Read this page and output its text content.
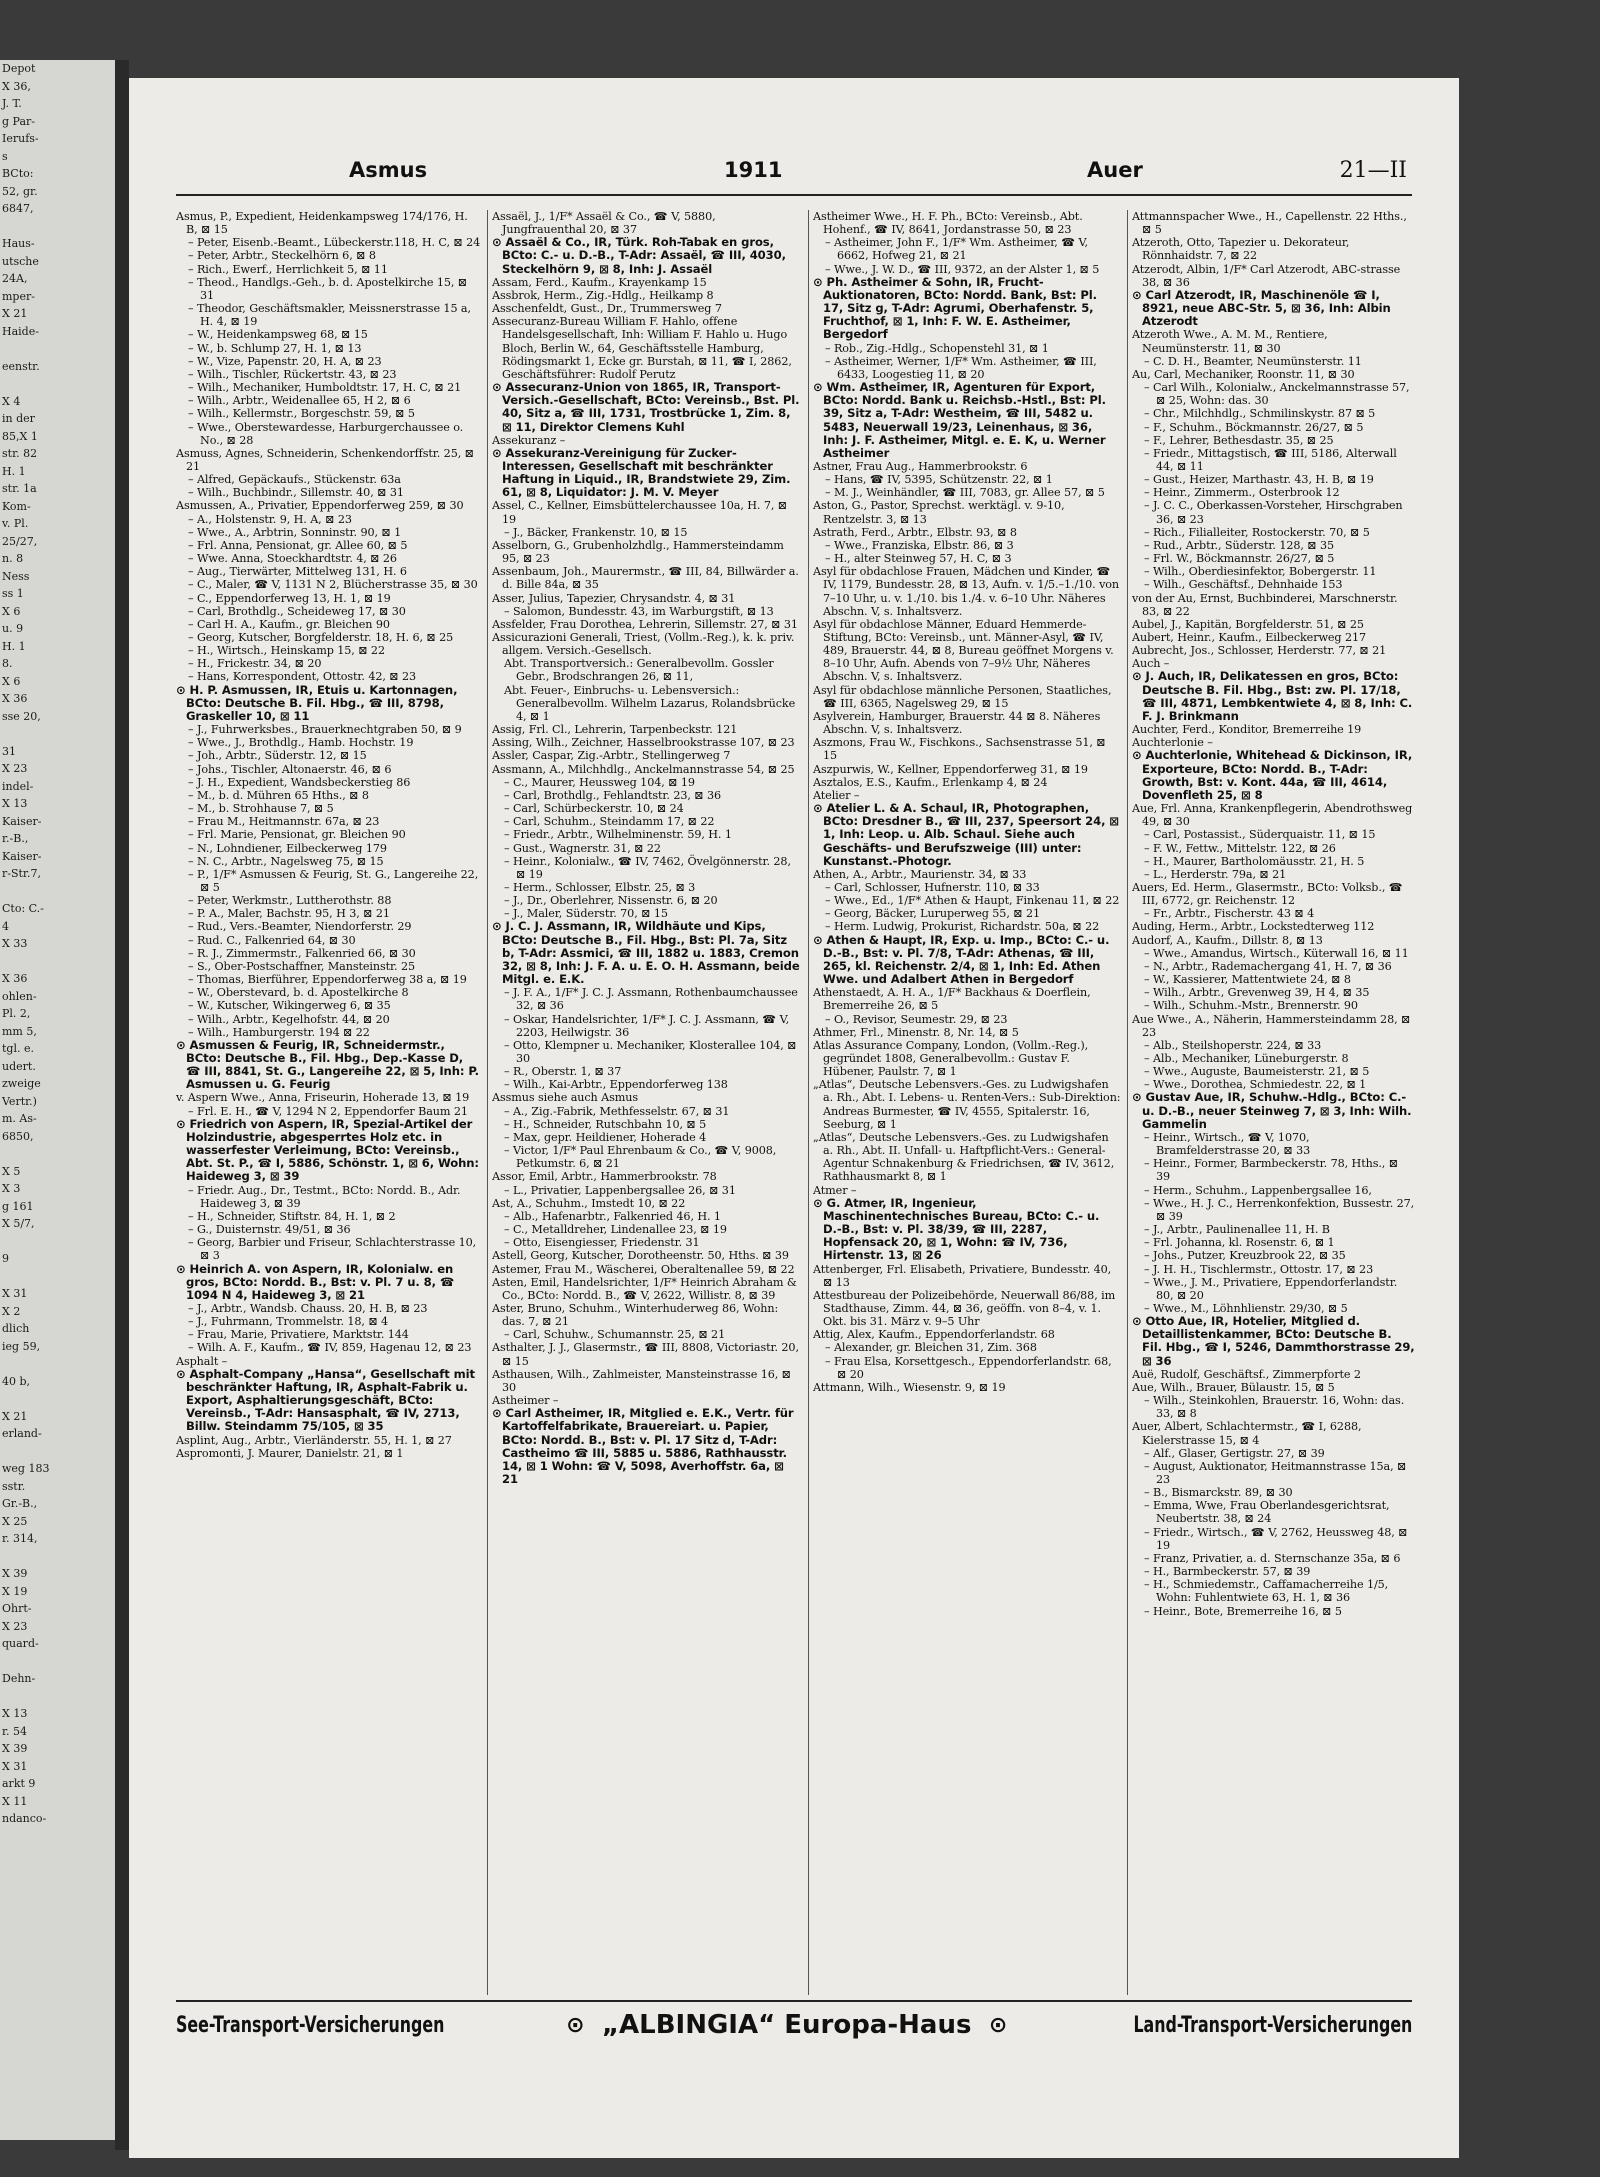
Depot
X 36,
J. T.
g Par-
Ierufs-
s
BCto:
52, gr.
6847,

Haus-
utsche
24A,
mper-
X 21
Haide-

eenstr.

X 4
in der
85,X 1
str. 82
H. 1
str. 1a
Kom-
v. Pl.
25/27,
n. 8
Ness
ss 1
X 6
u. 9
H. 1
8.
X 6
X 36
sse 20,

31
X 23
indel-
X 13
Kaiser-
r.-B.,
Kaiser-
r-Str.7,

Cto: C.-
4
X 33

X 36
ohlen-
Pl. 2,
mm 5,
tgl. e.
udert.
zweige
Vertr.)
m. As-
6850,

X 5
X 3
g 161
X 5/7,

9

X 31
X 2
dlich
ieg 59,

40 b,

X 21
erland-

weg 183
sstr.
Gr.-B.,
X 25
r. 314,

X 39
X 19
Ohrt-
X 23
quard-

Dehn-

X 13
r. 54
X 39
X 31
arkt 9
X 11
ndanco-
Asmus	1911	Auer	21—II

Asmus, P., Expedient, Heidenkampsweg 174/176, H. B, ⊠ 15

– Peter, Eisenb.-Beamt., Lübeckerstr.118, H. C, ⊠ 24

– Peter, Arbtr., Steckelhörn 6, ⊠ 8

– Rich., Ewerf., Herrlichkeit 5, ⊠ 11

– Theod., Handlgs.-Geh., b. d. Apostelkirche 15, ⊠ 31

– Theodor, Geschäftsmakler, Meissnerstrasse 15 a, H. 4, ⊠ 19

– W., Heidenkampsweg 68, ⊠ 15

– W., b. Schlump 27, H. 1, ⊠ 13

– W., Vize, Papenstr. 20, H. A, ⊠ 23

– Wilh., Tischler, Rückertstr. 43, ⊠ 23

– Wilh., Mechaniker, Humboldtstr. 17, H. C, ⊠ 21

– Wilh., Arbtr., Weidenallee 65, H 2, ⊠ 6

– Wilh., Kellermstr., Borgeschstr. 59, ⊠ 5

– Wwe., Oberstewardesse, Harburgerchaussee o. No., ⊠ 28

Asmuss, Agnes, Schneiderin, Schenkendorffstr. 25, ⊠ 21

– Alfred, Gepäckaufs., Stückenstr. 63a

– Wilh., Buchbindr., Sillemstr. 40, ⊠ 31

Asmussen, A., Privatier, Eppendorferweg 259, ⊠ 30

– A., Holstenstr. 9, H. A, ⊠ 23

– Wwe., A., Arbtrin, Sonninstr. 90, ⊠ 1

– Frl. Anna, Pensionat, gr. Allee 60, ⊠ 5

– Wwe. Anna, Stoeckhardtstr. 4, ⊠ 26

– Aug., Tierwärter, Mittelweg 131, H. 6

– C., Maler, ☎ V, 1131 N 2, Blücherstrasse 35, ⊠ 30

– C., Eppendorferweg 13, H. 1, ⊠ 19

– Carl, Brothdlg., Scheideweg 17, ⊠ 30

– Carl H. A., Kaufm., gr. Bleichen 90

– Georg, Kutscher, Borgfelderstr. 18, H. 6, ⊠ 25

– H., Wirtsch., Heinskamp 15, ⊠ 22

– H., Frickestr. 34, ⊠ 20

– Hans, Korrespondent, Ottostr. 42, ⊠ 23

⊙ H. P. Asmussen, IR, Etuis u. Kartonnagen, BCto: Deutsche B. Fil. Hbg., ☎ III, 8798, Graskeller 10, ⊠ 11

– J., Fuhrwerksbes., Brauerknechtgraben 50, ⊠ 9

– Wwe., J., Brothdlg., Hamb. Hochstr. 19

– Joh., Arbtr., Süderstr. 12, ⊠ 15

– Johs., Tischler, Altonaerstr. 46, ⊠ 6

– J. H., Expedient, Wandsbeckerstieg 86

– M., b. d. Mühren 65 Hths., ⊠ 8

– M., b. Strohhause 7, ⊠ 5

– Frau M., Heitmannstr. 67a, ⊠ 23

– Frl. Marie, Pensionat, gr. Bleichen 90

– N., Lohndiener, Eilbeckerweg 179

– N. C., Arbtr., Nagelsweg 75, ⊠ 15

– P., 1/F* Asmussen & Feurig, St. G., Langereihe 22, ⊠ 5

– Peter, Werkmstr., Luttherothstr. 88

– P. A., Maler, Bachstr. 95, H 3, ⊠ 21

– Rud., Vers.-Beamter, Niendorferstr. 29

– Rud. C., Falkenried 64, ⊠ 30

– R. J., Zimmermstr., Falkenried 66, ⊠ 30

– S., Ober-Postschaffner, Mansteinstr. 25

– Thomas, Bierführer, Eppendorferweg 38 a, ⊠ 19

– W., Oberstevard, b. d. Apostelkirche 8

– W., Kutscher, Wikingerweg 6, ⊠ 35

– Wilh., Arbtr., Kegelhofstr. 44, ⊠ 20

– Wilh., Hamburgerstr. 194 ⊠ 22

⊙ Asmussen & Feurig, IR, Schneidermstr., BCto: Deutsche B., Fil. Hbg., Dep.-Kasse D, ☎ III, 8841, St. G., Langereihe 22, ⊠ 5, Inh: P. Asmussen u. G. Feurig

v. Aspern Wwe., Anna, Friseurin, Hoherade 13, ⊠ 19

– Frl. E. H., ☎ V, 1294 N 2, Eppendorfer Baum 21

⊙ Friedrich von Aspern, IR, Spezial-Artikel der Holzindustrie, abgesperrtes Holz etc. in wasserfester Verleimung, BCto: Vereinsb., Abt. St. P., ☎ I, 5886, Schönstr. 1, ⊠ 6, Wohn: Haideweg 3, ⊠ 39

– Friedr. Aug., Dr., Testmt., BCto: Nordd. B., Adr. Haideweg 3, ⊠ 39

– H., Schneider, Stiftstr. 84, H. 1, ⊠ 2

– G., Duisternstr. 49/51, ⊠ 36

– Georg, Barbier und Friseur, Schlachterstrasse 10, ⊠ 3

⊙ Heinrich A. von Aspern, IR, Kolonialw. en gros, BCto: Nordd. B., Bst: v. Pl. 7 u. 8, ☎ 1094 N 4, Haideweg 3, ⊠ 21

– J., Arbtr., Wandsb. Chauss. 20, H. B, ⊠ 23

– J., Fuhrmann, Trommelstr. 18, ⊠ 4

– Frau, Marie, Privatiere, Marktstr. 144

– Wilh. A. F., Kaufm., ☎ IV, 859, Hagenau 12, ⊠ 23

Asphalt –

⊙ Asphalt-Company „Hansa“, Gesellschaft mit beschränkter Haftung, IR, Asphalt-Fabrik u. Export, Asphaltierungsgeschäft, BCto: Vereinsb., T-Adr: Hansasphalt, ☎ IV, 2713, Billw. Steindamm 75/105, ⊠ 35

Asplint, Aug., Arbtr., Vierländerstr. 55, H. 1, ⊠ 27

Aspromonti, J. Maurer, Danielstr. 21, ⊠ 1

Assaël, J., 1/F* Assaël & Co., ☎ V, 5880, Jungfrauenthal 20, ⊠ 37

⊙ Assaël & Co., IR, Türk. Roh-Tabak en gros, BCto: C.- u. D.-B., T-Adr: Assaël, ☎ III, 4030, Steckelhörn 9, ⊠ 8, Inh: J. Assaël

Assam, Ferd., Kaufm., Krayenkamp 15

Assbrok, Herm., Zig.-Hdlg., Heilkamp 8

Asschenfeldt, Gust., Dr., Trummersweg 7

Assecuranz-Bureau William F. Hahlo, offene Handelsgesellschaft, Inh: William F. Hahlo u. Hugo Bloch, Berlin W., 64, Geschäftsstelle Hamburg, Rödingsmarkt 1, Ecke gr. Burstah, ⊠ 11, ☎ I, 2862, Geschäftsführer: Rudolf Perutz

⊙ Assecuranz-Union von 1865, IR, Transport-Versich.-Gesellschaft, BCto: Vereinsb., Bst. Pl. 40, Sitz a, ☎ III, 1731, Trostbrücke 1, Zim. 8, ⊠ 11, Direktor Clemens Kuhl

Assekuranz –

⊙ Assekuranz-Vereinigung für Zucker-Interessen, Gesellschaft mit beschränkter Haftung in Liquid., IR, Brandstwiete 29, Zim. 61, ⊠ 8, Liquidator: J. M. V. Meyer

Assel, C., Kellner, Eimsbüttelerchaussee 10a, H. 7, ⊠ 19

– J., Bäcker, Frankenstr. 10, ⊠ 15

Asselborn, G., Grubenholzhdlg., Hammersteindamm 95, ⊠ 23

Assenbaum, Joh., Maurermstr., ☎ III, 84, Billwärder a. d. Bille 84a, ⊠ 35

Asser, Julius, Tapezier, Chrysandstr. 4, ⊠ 31

– Salomon, Bundesstr. 43, im Warburgstift, ⊠ 13

Assfelder, Frau Dorothea, Lehrerin, Sillemstr. 27, ⊠ 31

Assicurazioni Generali, Triest, (Vollm.-Reg.), k. k. priv. allgem. Versich.-Gesellsch.

Abt. Transportversich.: Generalbevollm. Gossler Gebr., Brodschrangen 26, ⊠ 11,

Abt. Feuer-, Einbruchs- u. Lebensversich.: Generalbevollm. Wilhelm Lazarus, Rolandsbrücke 4, ⊠ 1

Assig, Frl. Cl., Lehrerin, Tarpenbeckstr. 121

Assing, Wilh., Zeichner, Hasselbrookstrasse 107, ⊠ 23

Assler, Caspar, Zig.-Arbtr., Stellingerweg 7

Assmann, A., Milchhdlg., Anckelmannstrasse 54, ⊠ 25

– C., Maurer, Heussweg 104, ⊠ 19

– Carl, Brothdlg., Fehlandtstr. 23, ⊠ 36

– Carl, Schürbeckerstr. 10, ⊠ 24

– Carl, Schuhm., Steindamm 17, ⊠ 22

– Friedr., Arbtr., Wilhelminenstr. 59, H. 1

– Gust., Wagnerstr. 31, ⊠ 22

– Heinr., Kolonialw., ☎ IV, 7462, Övelgönnerstr. 28, ⊠ 19

– Herm., Schlosser, Elbstr. 25, ⊠ 3

– J., Dr., Oberlehrer, Nissenstr. 6, ⊠ 20

– J., Maler, Süderstr. 70, ⊠ 15

⊙ J. C. J. Assmann, IR, Wildhäute und Kips, BCto: Deutsche B., Fil. Hbg., Bst: Pl. 7a, Sitz b, T-Adr: Assmici, ☎ III, 1882 u. 1883, Cremon 32, ⊠ 8, Inh: J. F. A. u. E. O. H. Assmann, beide Mitgl. e. E.K.

– J. F. A., 1/F* J. C. J. Assmann, Rothenbaumchaussee 32, ⊠ 36

– Oskar, Handelsrichter, 1/F* J. C. J. Assmann, ☎ V, 2203, Heilwigstr. 36

– Otto, Klempner u. Mechaniker, Klosterallee 104, ⊠ 30

– R., Oberstr. 1, ⊠ 37

– Wilh., Kai-Arbtr., Eppendorferweg 138

Assmus siehe auch Asmus

– A., Zig.-Fabrik, Methfesselstr. 67, ⊠ 31

– H., Schneider, Rutschbahn 10, ⊠ 5

– Max, gepr. Heildiener, Hoherade 4

– Victor, 1/F* Paul Ehrenbaum & Co., ☎ V, 9008, Petkumstr. 6, ⊠ 21

Assor, Emil, Arbtr., Hammerbrookstr. 78

– L., Privatier, Lappenbergsallee 26, ⊠ 31

Ast, A., Schuhm., Imstedt 10, ⊠ 22

– Alb., Hafenarbtr., Falkenried 46, H. 1

– C., Metalldreher, Lindenallee 23, ⊠ 19

– Otto, Eisengiesser, Friedenstr. 31

Astell, Georg, Kutscher, Dorotheenstr. 50, Hths. ⊠ 39

Astemer, Frau M., Wäscherei, Oberaltenallee 59, ⊠ 22

Asten, Emil, Handelsrichter, 1/F* Heinrich Abraham & Co., BCto: Nordd. B., ☎ V, 2622, Willistr. 8, ⊠ 39

Aster, Bruno, Schuhm., Winterhuderweg 86, Wohn: das. 7, ⊠ 21

– Carl, Schuhw., Schumannstr. 25, ⊠ 21

Asthalter, J. J., Glasermstr., ☎ III, 8808, Victoriastr. 20, ⊠ 15

Asthausen, Wilh., Zahlmeister, Mansteinstrasse 16, ⊠ 30

Astheimer –

⊙ Carl Astheimer, IR, Mitglied e. E.K., Vertr. für Kartoffelfabrikate, Brauereiart. u. Papier, BCto: Nordd. B., Bst: v. Pl. 17 Sitz d, T-Adr: Castheimo ☎ III, 5885 u. 5886, Rathhausstr. 14, ⊠ 1 Wohn: ☎ V, 5098, Averhoffstr. 6a, ⊠ 21

Astheimer Wwe., H. F. Ph., BCto: Vereinsb., Abt. Hohenf., ☎ IV, 8641, Jordanstrasse 50, ⊠ 23

– Astheimer, John F., 1/F* Wm. Astheimer, ☎ V, 6662, Hofweg 21, ⊠ 21

– Wwe., J. W. D., ☎ III, 9372, an der Alster 1, ⊠ 5

⊙ Ph. Astheimer & Sohn, IR, Frucht-Auktionatoren, BCto: Nordd. Bank, Bst: Pl. 17, Sitz g, T-Adr: Agrumi, Oberhafenstr. 5, Fruchthof, ⊠ 1, Inh: F. W. E. Astheimer, Bergedorf

– Rob., Zig.-Hdlg., Schopenstehl 31, ⊠ 1

– Astheimer, Werner, 1/F* Wm. Astheimer, ☎ III, 6433, Loogestieg 11, ⊠ 20

⊙ Wm. Astheimer, IR, Agenturen für Export, BCto: Nordd. Bank u. Reichsb.-Hstl., Bst: Pl. 39, Sitz a, T-Adr: Westheim, ☎ III, 5482 u. 5483, Neuerwall 19/23, Leinenhaus, ⊠ 36, Inh: J. F. Astheimer, Mitgl. e. E. K, u. Werner Astheimer

Astner, Frau Aug., Hammerbrookstr. 6

– Hans, ☎ IV, 5395, Schützenstr. 22, ⊠ 1

– M. J., Weinhändler, ☎ III, 7083, gr. Allee 57, ⊠ 5

Aston, G., Pastor, Sprechst. werktägl. v. 9-10, Rentzelstr. 3, ⊠ 13

Astrath, Ferd., Arbtr., Elbstr. 93, ⊠ 8

– Wwe., Franziska, Elbstr. 86, ⊠ 3

– H., alter Steinweg 57, H. C, ⊠ 3

Asyl für obdachlose Frauen, Mädchen und Kinder, ☎ IV, 1179, Bundesstr. 28, ⊠ 13, Aufn. v. 1/5.–1./10. von 7–10 Uhr, u. v. 1./10. bis 1./4. v. 6–10 Uhr. Näheres Abschn. V, s. Inhaltsverz.

Asyl für obdachlose Männer, Eduard Hemmerde-Stiftung, BCto: Vereinsb., unt. Männer-Asyl, ☎ IV, 489, Brauerstr. 44, ⊠ 8, Bureau geöffnet Morgens v. 8–10 Uhr, Aufn. Abends von 7–9½ Uhr, Näheres Abschn. V, s. Inhaltsverz.

Asyl für obdachlose männliche Personen, Staatliches, ☎ III, 6365, Nagelsweg 29, ⊠ 15

Asylverein, Hamburger, Brauerstr. 44 ⊠ 8. Näheres Abschn. V, s. Inhaltsverz.

Aszmons, Frau W., Fischkons., Sachsenstrasse 51, ⊠ 15

Aszpurwis, W., Kellner, Eppendorferweg 31, ⊠ 19

Asztalos, E.S., Kaufm., Erlenkamp 4, ⊠ 24

Atelier –

⊙ Atelier L. & A. Schaul, IR, Photographen, BCto: Dresdner B., ☎ III, 237, Speersort 24, ⊠ 1, Inh: Leop. u. Alb. Schaul. Siehe auch Geschäfts- und Berufszweige (III) unter: Kunstanst.-Photogr.

Athen, A., Arbtr., Maurienstr. 34, ⊠ 33

– Carl, Schlosser, Hufnerstr. 110, ⊠ 33

– Wwe., Ed., 1/F* Athen & Haupt, Finkenau 11, ⊠ 22

– Georg, Bäcker, Luruperweg 55, ⊠ 21

– Herm. Ludwig, Prokurist, Richardstr. 50a, ⊠ 22

⊙ Athen & Haupt, IR, Exp. u. Imp., BCto: C.- u. D.-B., Bst: v. Pl. 7/8, T-Adr: Athenas, ☎ III, 265, kl. Reichenstr. 2/4, ⊠ 1, Inh: Ed. Athen Wwe. und Adalbert Athen in Bergedorf

Athenstaedt, A. H. A., 1/F* Backhaus & Doerflein, Bremerreihe 26, ⊠ 5

– O., Revisor, Seumestr. 29, ⊠ 23

Athmer, Frl., Minenstr. 8, Nr. 14, ⊠ 5

Atlas Assurance Company, London, (Vollm.-Reg.), gegründet 1808, Generalbevollm.: Gustav F. Hübener, Paulstr. 7, ⊠ 1

„Atlas“, Deutsche Lebensvers.-Ges. zu Ludwigshafen a. Rh., Abt. I. Lebens- u. Renten-Vers.: Sub-Direktion: Andreas Burmester, ☎ IV, 4555, Spitalerstr. 16, Seeburg, ⊠ 1

„Atlas“, Deutsche Lebensvers.-Ges. zu Ludwigshafen a. Rh., Abt. II. Unfall- u. Haftpflicht-Vers.: General-Agentur Schnakenburg & Friedrichsen, ☎ IV, 3612, Rathhausmarkt 8, ⊠ 1

Atmer –

⊙ G. Atmer, IR, Ingenieur, Maschinentechnisches Bureau, BCto: C.- u. D.-B., Bst: v. Pl. 38/39, ☎ III, 2287, Hopfensack 20, ⊠ 1, Wohn: ☎ IV, 736, Hirtenstr. 13, ⊠ 26

Attenberger, Frl. Elisabeth, Privatiere, Bundesstr. 40, ⊠ 13

Attestbureau der Polizeibehörde, Neuerwall 86/88, im Stadthause, Zimm. 44, ⊠ 36, geöffn. von 8–4, v. 1. Okt. bis 31. März v. 9–5 Uhr

Attig, Alex, Kaufm., Eppendorferlandstr. 68

– Alexander, gr. Bleichen 31, Zim. 368

– Frau Elsa, Korsettgesch., Eppendorferlandstr. 68, ⊠ 20

Attmann, Wilh., Wiesenstr. 9, ⊠ 19

Attmannspacher Wwe., H., Capellenstr. 22 Hths., ⊠ 5

Atzeroth, Otto, Tapezier u. Dekorateur, Rönnhaidstr. 7, ⊠ 22

Atzerodt, Albin, 1/F* Carl Atzerodt, ABC-strasse 38, ⊠ 36

⊙ Carl Atzerodt, IR, Maschinenöle ☎ I, 8921, neue ABC-Str. 5, ⊠ 36, Inh: Albin Atzerodt

Atzeroth Wwe., A. M. M., Rentiere, Neumünsterstr. 11, ⊠ 30

– C. D. H., Beamter, Neumünsterstr. 11

Au, Carl, Mechaniker, Roonstr. 11, ⊠ 30

– Carl Wilh., Kolonialw., Anckelmannstrasse 57, ⊠ 25, Wohn: das. 30

– Chr., Milchhdlg., Schmilinskystr. 87 ⊠ 5

– F., Schuhm., Böckmannstr. 26/27, ⊠ 5

– F., Lehrer, Bethesdastr. 35, ⊠ 25

– Friedr., Mittagstisch, ☎ III, 5186, Alterwall 44, ⊠ 11

– Gust., Heizer, Marthastr. 43, H. B, ⊠ 19

– Heinr., Zimmerm., Osterbrook 12

– J. C. C., Oberkassen-Vorsteher, Hirschgraben 36, ⊠ 23

– Rich., Filialleiter, Rostockerstr. 70, ⊠ 5

– Rud., Arbtr., Süderstr. 128, ⊠ 35

– Frl. W., Böckmannstr. 26/27, ⊠ 5

– Wilh., Oberdiesinfektor, Bobergerstr. 11

– Wilh., Geschäftsf., Dehnhaide 153

von der Au, Ernst, Buchbinderei, Marschnerstr. 83, ⊠ 22

Aubel, J., Kapitän, Borgfelderstr. 51, ⊠ 25

Aubert, Heinr., Kaufm., Eilbeckerweg 217

Aubrecht, Jos., Schlosser, Herderstr. 77, ⊠ 21

Auch –

⊙ J. Auch, IR, Delikatessen en gros, BCto: Deutsche B. Fil. Hbg., Bst: zw. Pl. 17/18, ☎ III, 4871, Lembkentwiete 4, ⊠ 8, Inh: C. F. J. Brinkmann

Auchter, Ferd., Konditor, Bremerreihe 19

Auchterlonie –

⊙ Auchterlonie, Whitehead & Dickinson, IR, Exporteure, BCto: Nordd. B., T-Adr: Growth, Bst: v. Kont. 44a, ☎ III, 4614, Dovenfleth 25, ⊠ 8

Aue, Frl. Anna, Krankenpflegerin, Abendrothsweg 49, ⊠ 30

– Carl, Postassist., Süderquaistr. 11, ⊠ 15

– F. W., Fettw., Mittelstr. 122, ⊠ 26

– H., Maurer, Bartholomäusstr. 21, H. 5

– L., Herderstr. 79a, ⊠ 21

Auers, Ed. Herm., Glasermstr., BCto: Volksb., ☎ III, 6772, gr. Reichenstr. 12

– Fr., Arbtr., Fischerstr. 43 ⊠ 4

Auding, Herm., Arbtr., Lockstedterweg 112

Audorf, A., Kaufm., Dillstr. 8, ⊠ 13

– Wwe., Amandus, Wirtsch., Küterwall 16, ⊠ 11

– N., Arbtr., Rademachergang 41, H. 7, ⊠ 36

– W., Kassierer, Mattentwiete 24, ⊠ 8

– Wilh., Arbtr., Grevenweg 39, H 4, ⊠ 35

– Wilh., Schuhm.-Mstr., Brennerstr. 90

Aue Wwe., A., Näherin, Hammersteindamm 28, ⊠ 23

– Alb., Steilshoperstr. 224, ⊠ 33

– Alb., Mechaniker, Lüneburgerstr. 8

– Wwe., Auguste, Baumeisterstr. 21, ⊠ 5

– Wwe., Dorothea, Schmiedestr. 22, ⊠ 1

⊙ Gustav Aue, IR, Schuhw.-Hdlg., BCto: C.- u. D.-B., neuer Steinweg 7, ⊠ 3, Inh: Wilh. Gammelin

– Heinr., Wirtsch., ☎ V, 1070, Bramfelderstrasse 20, ⊠ 33

– Heinr., Former, Barmbeckerstr. 78, Hths., ⊠ 39

– Herm., Schuhm., Lappenbergsallee 16,

– Wwe., H. J. C., Herrenkonfektion, Bussestr. 27, ⊠ 39

– J., Arbtr., Paulinenallee 11, H. B

– Frl. Johanna, kl. Rosenstr. 6, ⊠ 1

– Johs., Putzer, Kreuzbrook 22, ⊠ 35

– J. H. H., Tischlermstr., Ottostr. 17, ⊠ 23

– Wwe., J. M., Privatiere, Eppendorferlandstr. 80, ⊠ 20

– Wwe., M., Löhnhlienstr. 29/30, ⊠ 5

⊙ Otto Aue, IR, Hotelier, Mitglied d. Detaillistenkammer, BCto: Deutsche B. Fil. Hbg., ☎ I, 5246, Dammthorstrasse 29, ⊠ 36

Auë, Rudolf, Geschäftsf., Zimmerpforte 2

Aue, Wilh., Brauer, Bülaustr. 15, ⊠ 5

– Wilh., Steinkohlen, Brauerstr. 16, Wohn: das. 33, ⊠ 8

Auer, Albert, Schlachtermstr., ☎ I, 6288, Kielerstrasse 15, ⊠ 4

– Alf., Glaser, Gertigstr. 27, ⊠ 39

– August, Auktionator, Heitmannstrasse 15a, ⊠ 23

– B., Bismarckstr. 89, ⊠ 30

– Emma, Wwe, Frau Oberlandesgerichtsrat, Neubertstr. 38, ⊠ 24

– Friedr., Wirtsch., ☎ V, 2762, Heussweg 48, ⊠ 19

– Franz, Privatier, a. d. Sternschanze 35a, ⊠ 6

– H., Barmbeckerstr. 57, ⊠ 39

– H., Schmiedemstr., Caffamacherreihe 1/5, Wohn: Fuhlentwiete 63, H. 1, ⊠ 36

– Heinr., Bote, Bremerreihe 16, ⊠ 5

See-Transport-Versicherungen	⊙ „ALBINGIA“ Europa-Haus ⊙	Land-Transport-Versicherungen
